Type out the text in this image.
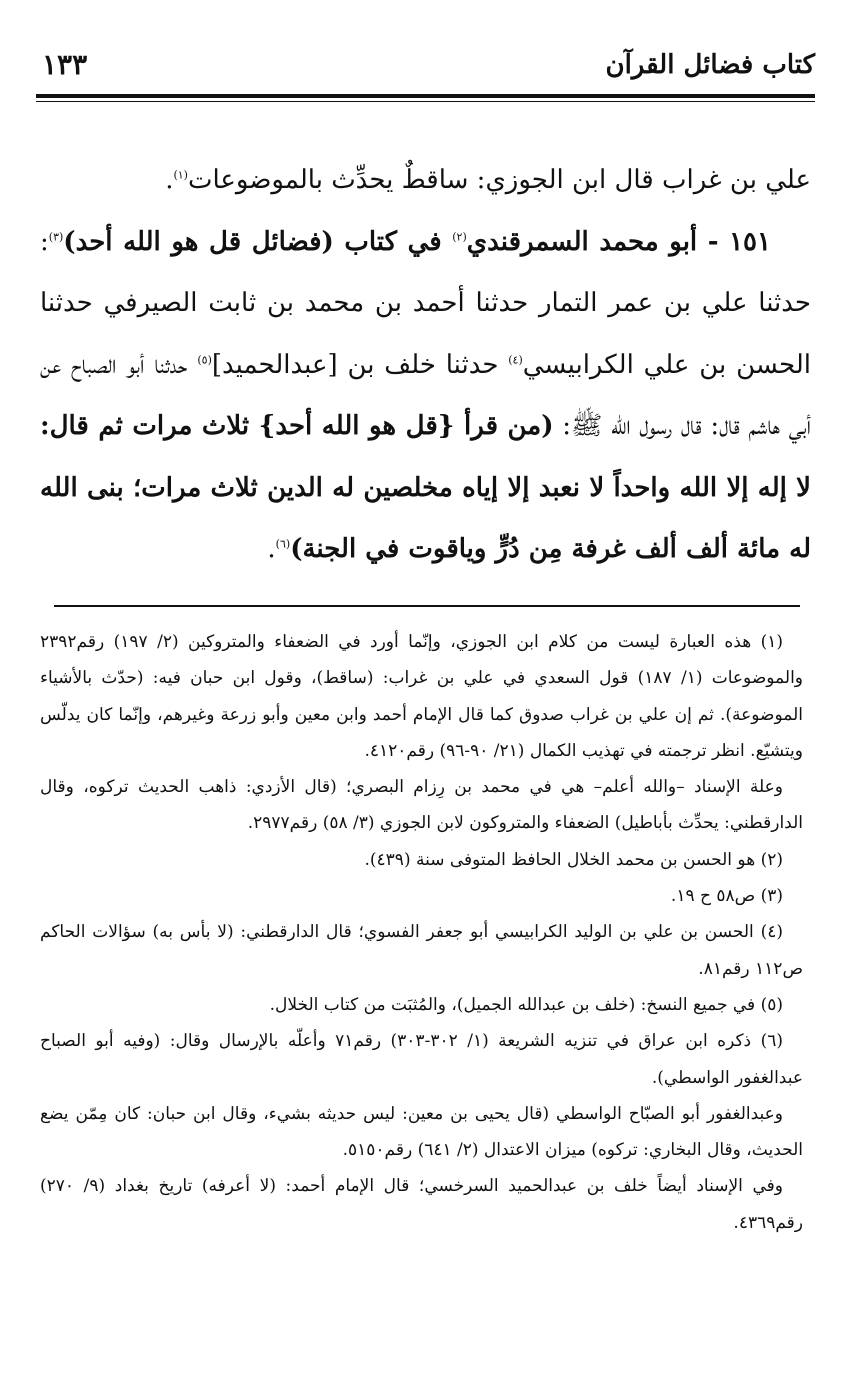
كتاب فضائل القرآن
١٣٣

علي بن غراب قال ابن الجوزي: ساقطٌ يحدِّث بالموضوعات$^{(١)}$.

١٥١ - أبو محمد السمرقندي$^{(٢)}$ في كتاب (فضائل قل هو الله أحد)$^{(٣)}$: حدثنا علي بن عمر التمار حدثنا أحمد بن محمد بن ثابت الصيرفي حدثنا الحسن بن علي الكرابيسي$^{(٤)}$ حدثنا خلف بن [عبدالحميد]$^{(٥)}$ حدثنا أبو الصباح عن أبي هاشم قال: قال رسول الله ﷺ: (من قرأ {قل هو الله أحد} ثلاث مرات ثم قال: لا إله إلا الله واحداً لا نعبد إلا إياه مخلصين له الدين ثلاث مرات؛ بنى الله له مائة ألف ألف غرفة مِن دُرٍّ وياقوت في الجنة)$^{(٦)}$.

(١) هذه العبارة ليست من كلام ابن الجوزي، وإنّما أورد في الضعفاء والمتروكين (٢/ ١٩٧) رقم٢٣٩٢ والموضوعات (١/ ١٨٧) قول السعدي في علي بن غراب: (ساقط)، وقول ابن حبان فيه: (حدّث بالأشياء الموضوعة). ثم إن علي بن غراب صدوق كما قال الإمام أحمد وابن معين وأبو زرعة وغيرهم، وإنّما كان يدلّس ويتشيّع. انظر ترجمته في تهذيب الكمال (٢١/ ٩٠-٩٦) رقم٤١٢٠.

وعلة الإسناد –والله أعلم– هي في محمد بن رِزام البصري؛ (قال الأزدي: ذاهب الحديث تركوه، وقال الدارقطني: يحدِّث بأباطيل) الضعفاء والمتروكون لابن الجوزي (٣/ ٥٨) رقم٢٩٧٧.

(٢) هو الحسن بن محمد الخلال الحافظ المتوفى سنة (٤٣٩).

(٣) ص٥٨ ح ١٩.

(٤) الحسن بن علي بن الوليد الكرابيسي أبو جعفر الفسوي؛ قال الدارقطني: (لا بأس به) سؤالات الحاكم ص١١٢ رقم٨١.

(٥) في جميع النسخ: (خلف بن عبدالله الجميل)، والمُثبَت من كتاب الخلال.

(٦) ذكره ابن عراق في تنزيه الشريعة (١/ ٣٠٢-٣٠٣) رقم٧١ وأعلّه بالإرسال وقال: (وفيه أبو الصباح عبدالغفور الواسطي).

وعبدالغفور أبو الصبّاح الواسطي (قال يحيى بن معين: ليس حديثه بشيء، وقال ابن حبان: كان مِمّن يضع الحديث، وقال البخاري: تركوه) ميزان الاعتدال (٢/ ٦٤١) رقم٥١٥٠.

وفي الإسناد أيضاً خلف بن عبدالحميد السرخسي؛ قال الإمام أحمد: (لا أعرفه) تاريخ بغداد (٩/ ٢٧٠) رقم٤٣٦٩.
